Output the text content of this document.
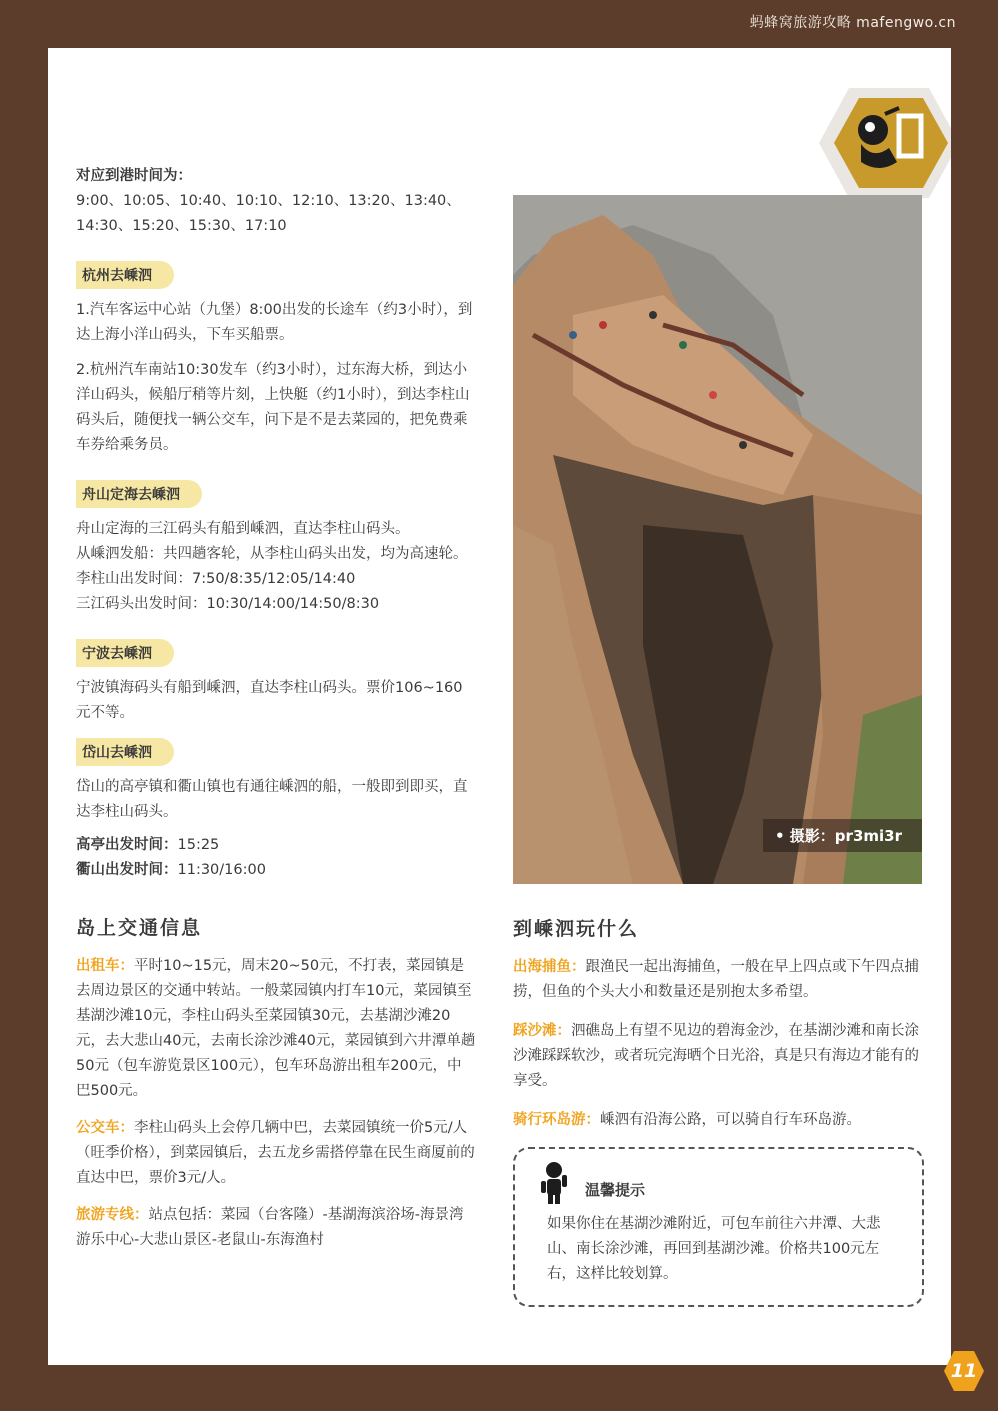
蚂蜂窝旅游攻略 mafengwo.cn

对应到港时间为：

9:00、10:05、10:40、10:10、12:10、13:20、13:40、

14:30、15:20、15:30、17:10

杭州去嵊泗

1.汽车客运中心站（九堡）8:00出发的长途车（约3小时），到达上海小洋山码头，下车买船票。

2.杭州汽车南站10:30发车（约3小时），过东海大桥，到达小洋山码头，候船厅稍等片刻，上快艇（约1小时），到达李柱山码头后，随便找一辆公交车，问下是不是去菜园的，把免费乘车券给乘务员。

舟山定海去嵊泗

舟山定海的三江码头有船到嵊泗，直达李柱山码头。

从嵊泗发船：共四趟客轮，从李柱山码头出发，均为高速轮。

李柱山出发时间：7:50/8:35/12:05/14:40

三江码头出发时间：10:30/14:00/14:50/8:30

宁波去嵊泗

宁波镇海码头有船到嵊泗，直达李柱山码头。票价106~160元不等。

岱山去嵊泗

岱山的高亭镇和衢山镇也有通往嵊泗的船，一般即到即买，直达李柱山码头。

高亭出发时间：15:25

衢山出发时间：11:30/16:00

岛上交通信息

出租车：平时10~15元，周末20~50元，不打表，菜园镇是去周边景区的交通中转站。一般菜园镇内打车10元，菜园镇至基湖沙滩10元，李柱山码头至菜园镇30元，去基湖沙滩20元，去大悲山40元，去南长涂沙滩40元，菜园镇到六井潭单趟50元（包车游览景区100元），包车环岛游出租车200元，中巴500元。

公交车：李柱山码头上会停几辆中巴，去菜园镇统一价5元/人（旺季价格），到菜园镇后，去五龙乡需搭停靠在民生商厦前的直达中巴，票价3元/人。

旅游专线：站点包括：菜园（台客隆）-基湖海滨浴场-海景湾游乐中心-大悲山景区-老鼠山-东海渔村

• 摄影：pr3mi3r
到嵊泗玩什么

出海捕鱼：跟渔民一起出海捕鱼，一般在早上四点或下午四点捕捞，但鱼的个头大小和数量还是别抱太多希望。

踩沙滩：泗礁岛上有望不见边的碧海金沙，在基湖沙滩和南长涂沙滩踩踩软沙，或者玩完海晒个日光浴，真是只有海边才能有的享受。

骑行环岛游：嵊泗有沿海公路，可以骑自行车环岛游。

温馨提示

如果你住在基湖沙滩附近，可包车前往六井潭、大悲山、南长涂沙滩，再回到基湖沙滩。价格共100元左右，这样比较划算。

11
